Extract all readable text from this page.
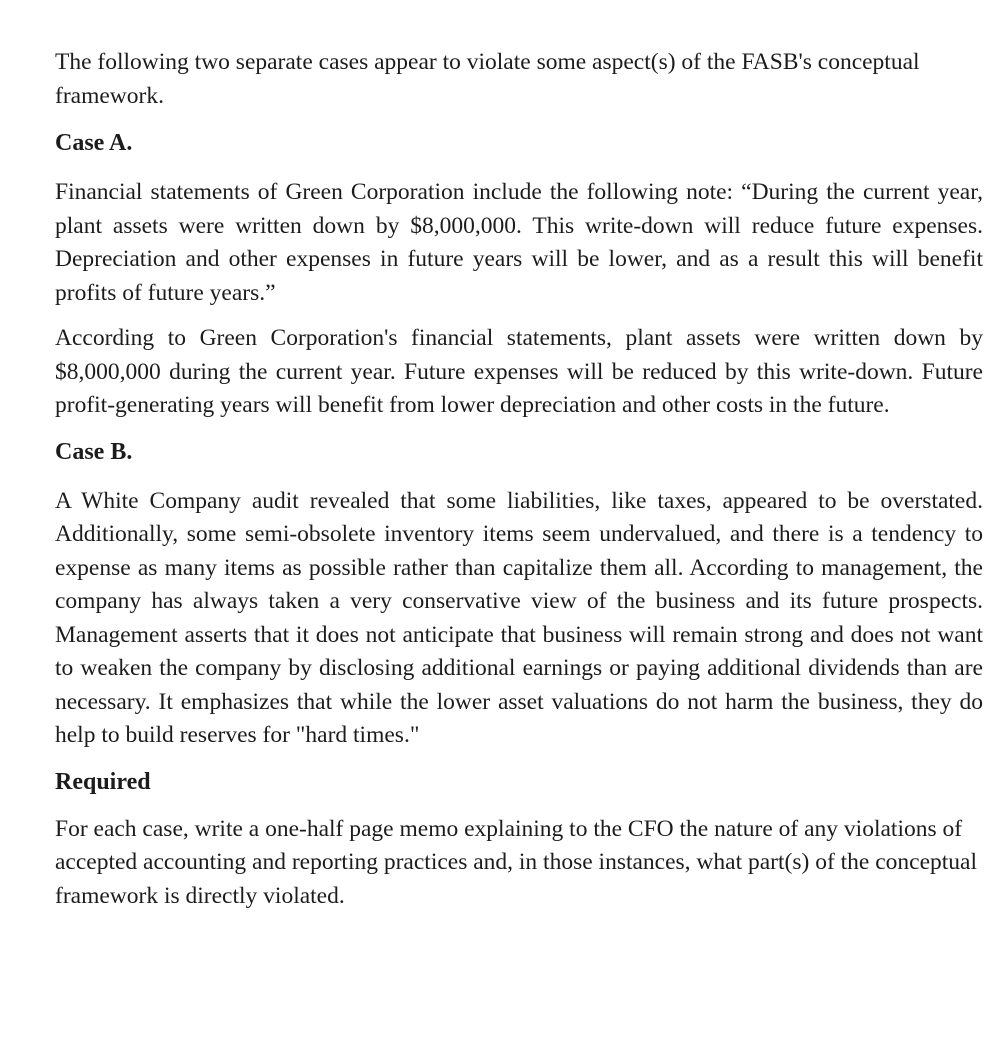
The following two separate cases appear to violate some aspect(s) of the FASB's conceptual framework.

Case A.

Financial statements of Green Corporation include the following note: “During the current year, plant assets were written down by $8,000,000. This write-down will reduce future expenses. Depreciation and other expenses in future years will be lower, and as a result this will benefit profits of future years.”

According to Green Corporation's financial statements, plant assets were written down by $8,000,000 during the current year. Future expenses will be reduced by this write-down. Future profit-generating years will benefit from lower depreciation and other costs in the future.

Case B.

A White Company audit revealed that some liabilities, like taxes, appeared to be overstated. Additionally, some semi-obsolete inventory items seem undervalued, and there is a tendency to expense as many items as possible rather than capitalize them all. According to management, the company has always taken a very conservative view of the business and its future prospects. Management asserts that it does not anticipate that business will remain strong and does not want to weaken the company by disclosing additional earnings or paying additional dividends than are necessary. It emphasizes that while the lower asset valuations do not harm the business, they do help to build reserves for "hard times."

Required

For each case, write a one-half page memo explaining to the CFO the nature of any violations of accepted accounting and reporting practices and, in those instances, what part(s) of the conceptual framework is directly violated.
